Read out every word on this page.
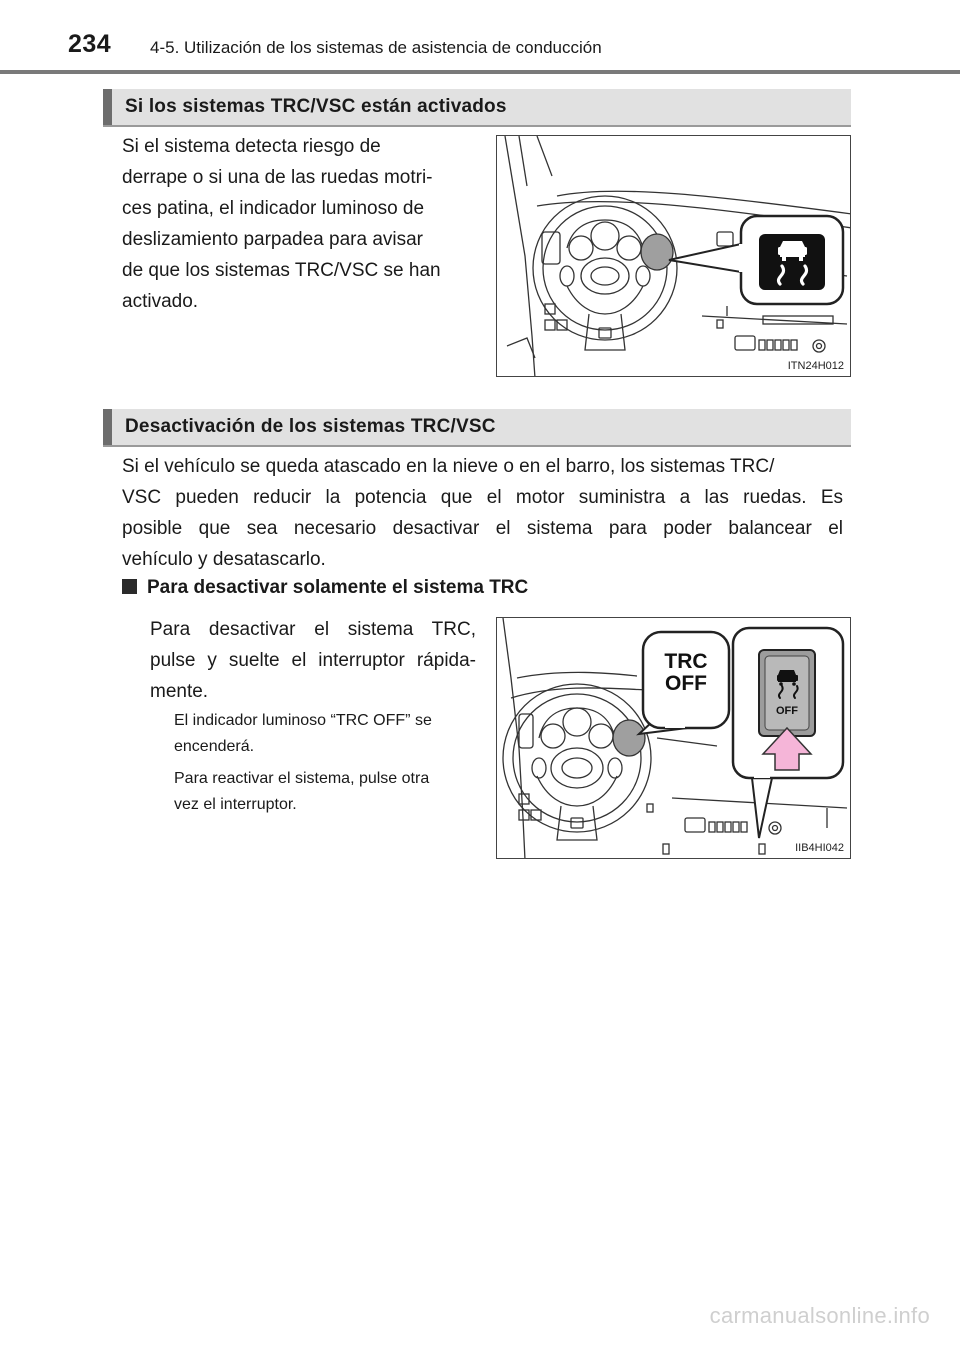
234 4-5. Utilización de los sistemas de asistencia de conducción
Si los sistemas TRC/VSC están activados
Si el sistema detecta riesgo de
derrape o si una de las ruedas motri-
ces patina, el indicador luminoso de
deslizamiento parpadea para avisar
de que los sistemas TRC/VSC se han
activado.
ITN24H012
Desactivación de los sistemas TRC/VSC
Si el vehículo se queda atascado en la nieve o en el barro, los sistemas TRC/
VSC pueden reducir la potencia que el motor suministra a las ruedas. Es
posible que sea necesario desactivar el sistema para poder balancear el
vehículo y desatascarlo.
Para desactivar solamente el sistema TRC
Para desactivar el sistema TRC,
pulse y suelte el interruptor rápida-
mente.
El indicador luminoso “TRC OFF” se
encenderá.
Para reactivar el sistema, pulse otra
vez el interruptor.
TRC
OFF
OFF
IIB4HI042
carmanualsonline.info
